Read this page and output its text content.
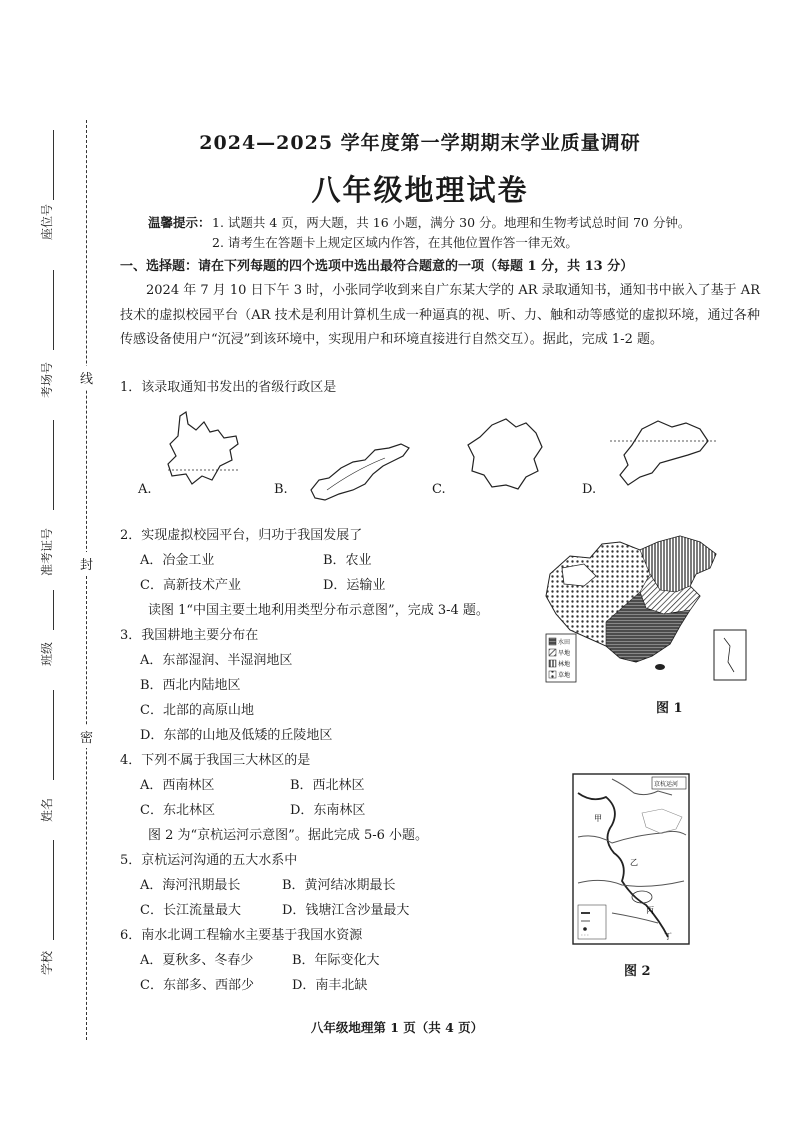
线
封
密
座位号
考场号
准考证号
班级
姓名
学校
2024—2025 学年度第一学期期末学业质量调研
八年级地理试卷
温馨提示： 1. 试题共 4 页，两大题，共 16 小题，满分 30 分。地理和生物考试总时间 70 分钟。
2. 请考生在答题卡上规定区域内作答，在其他位置作答一律无效。
一、选择题：请在下列每题的四个选项中选出最符合题意的一项（每题 1 分，共 13 分）
2024 年 7 月 10 日下午 3 时，小张同学收到来自广东某大学的 AR 录取通知书，通知书中嵌入了基于 AR 技术的虚拟校园平台（AR 技术是利用计算机生成一种逼真的视、听、力、触和动等感觉的虚拟环境，通过各种传感设备使用户“沉浸”到该环境中，实现用户和环境直接进行自然交互）。据此，完成 1-2 题。
1．该录取通知书发出的省级行政区是
A.	B.	C.	D.
2．实现虚拟校园平台，归功于我国发展了
A．冶金工业	B．农业
C．高新技术产业	D．运输业
读图 1“中国主要土地利用类型分布示意图”，完成 3-4 题。
3．我国耕地主要分布在
A．东部湿润、半湿润地区
B．西北内陆地区
C．北部的高原山地
D．东部的山地及低矮的丘陵地区
4．下列不属于我国三大林区的是
A．西南林区	B．西北林区
C．东北林区	D．东南林区
图 2 为“京杭运河示意图”。据此完成 5-6 小题。
5．京杭运河沟通的五大水系中
A．海河汛期最长	B．黄河结冰期最长
C．长江流量最大	D．钱塘江含沙量最大
6．南水北调工程输水主要基于我国水资源
A．夏秋多、冬春少	B．年际变化大
C．东部多、西部少	D．南丰北缺
水田
旱地
林地
草地
图 1
京杭运河
甲
乙
丙
丁
图 2
八年级地理第 1 页（共 4 页）
